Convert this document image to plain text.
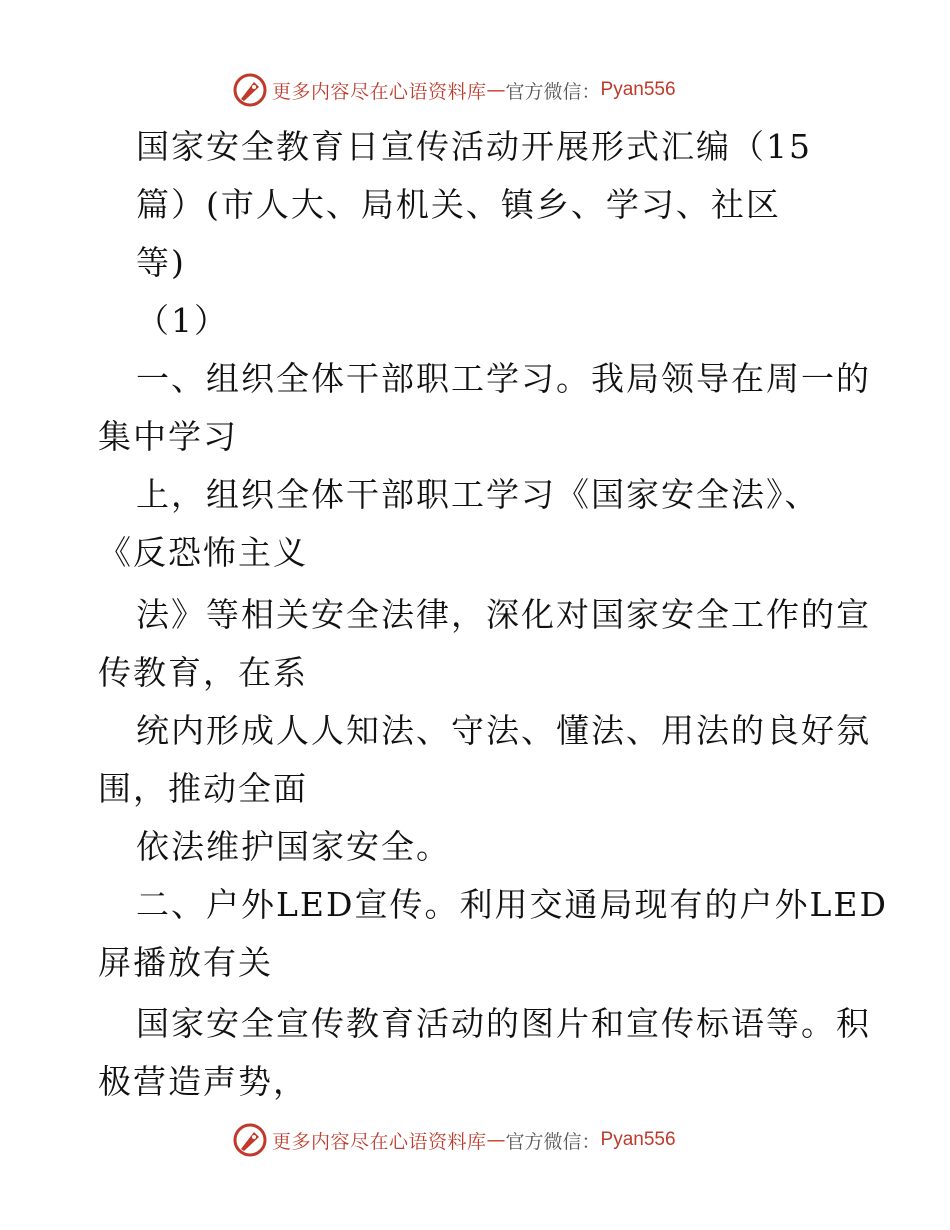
更多内容尽在心语资料库 — 官方微信： Pyan556
国家安全教育日宣传活动开展形式汇编（15
篇）(市人大、局机关、镇乡、学习、社区
等)
（1）
一、组织全体干部职工学习。我局领导在周一的
集中学习
上，组织全体干部职工学习《国家安全法》、
《反恐怖主义
法》等相关安全法律，深化对国家安全工作的宣
传教育，在系
统内形成人人知法、守法、懂法、用法的良好氛
围，推动全面
依法维护国家安全。
二、户外LED宣传。利用交通局现有的户外LED
屏播放有关
国家安全宣传教育活动的图片和宣传标语等。积
极营造声势，
更多内容尽在心语资料库 — 官方微信： Pyan556
